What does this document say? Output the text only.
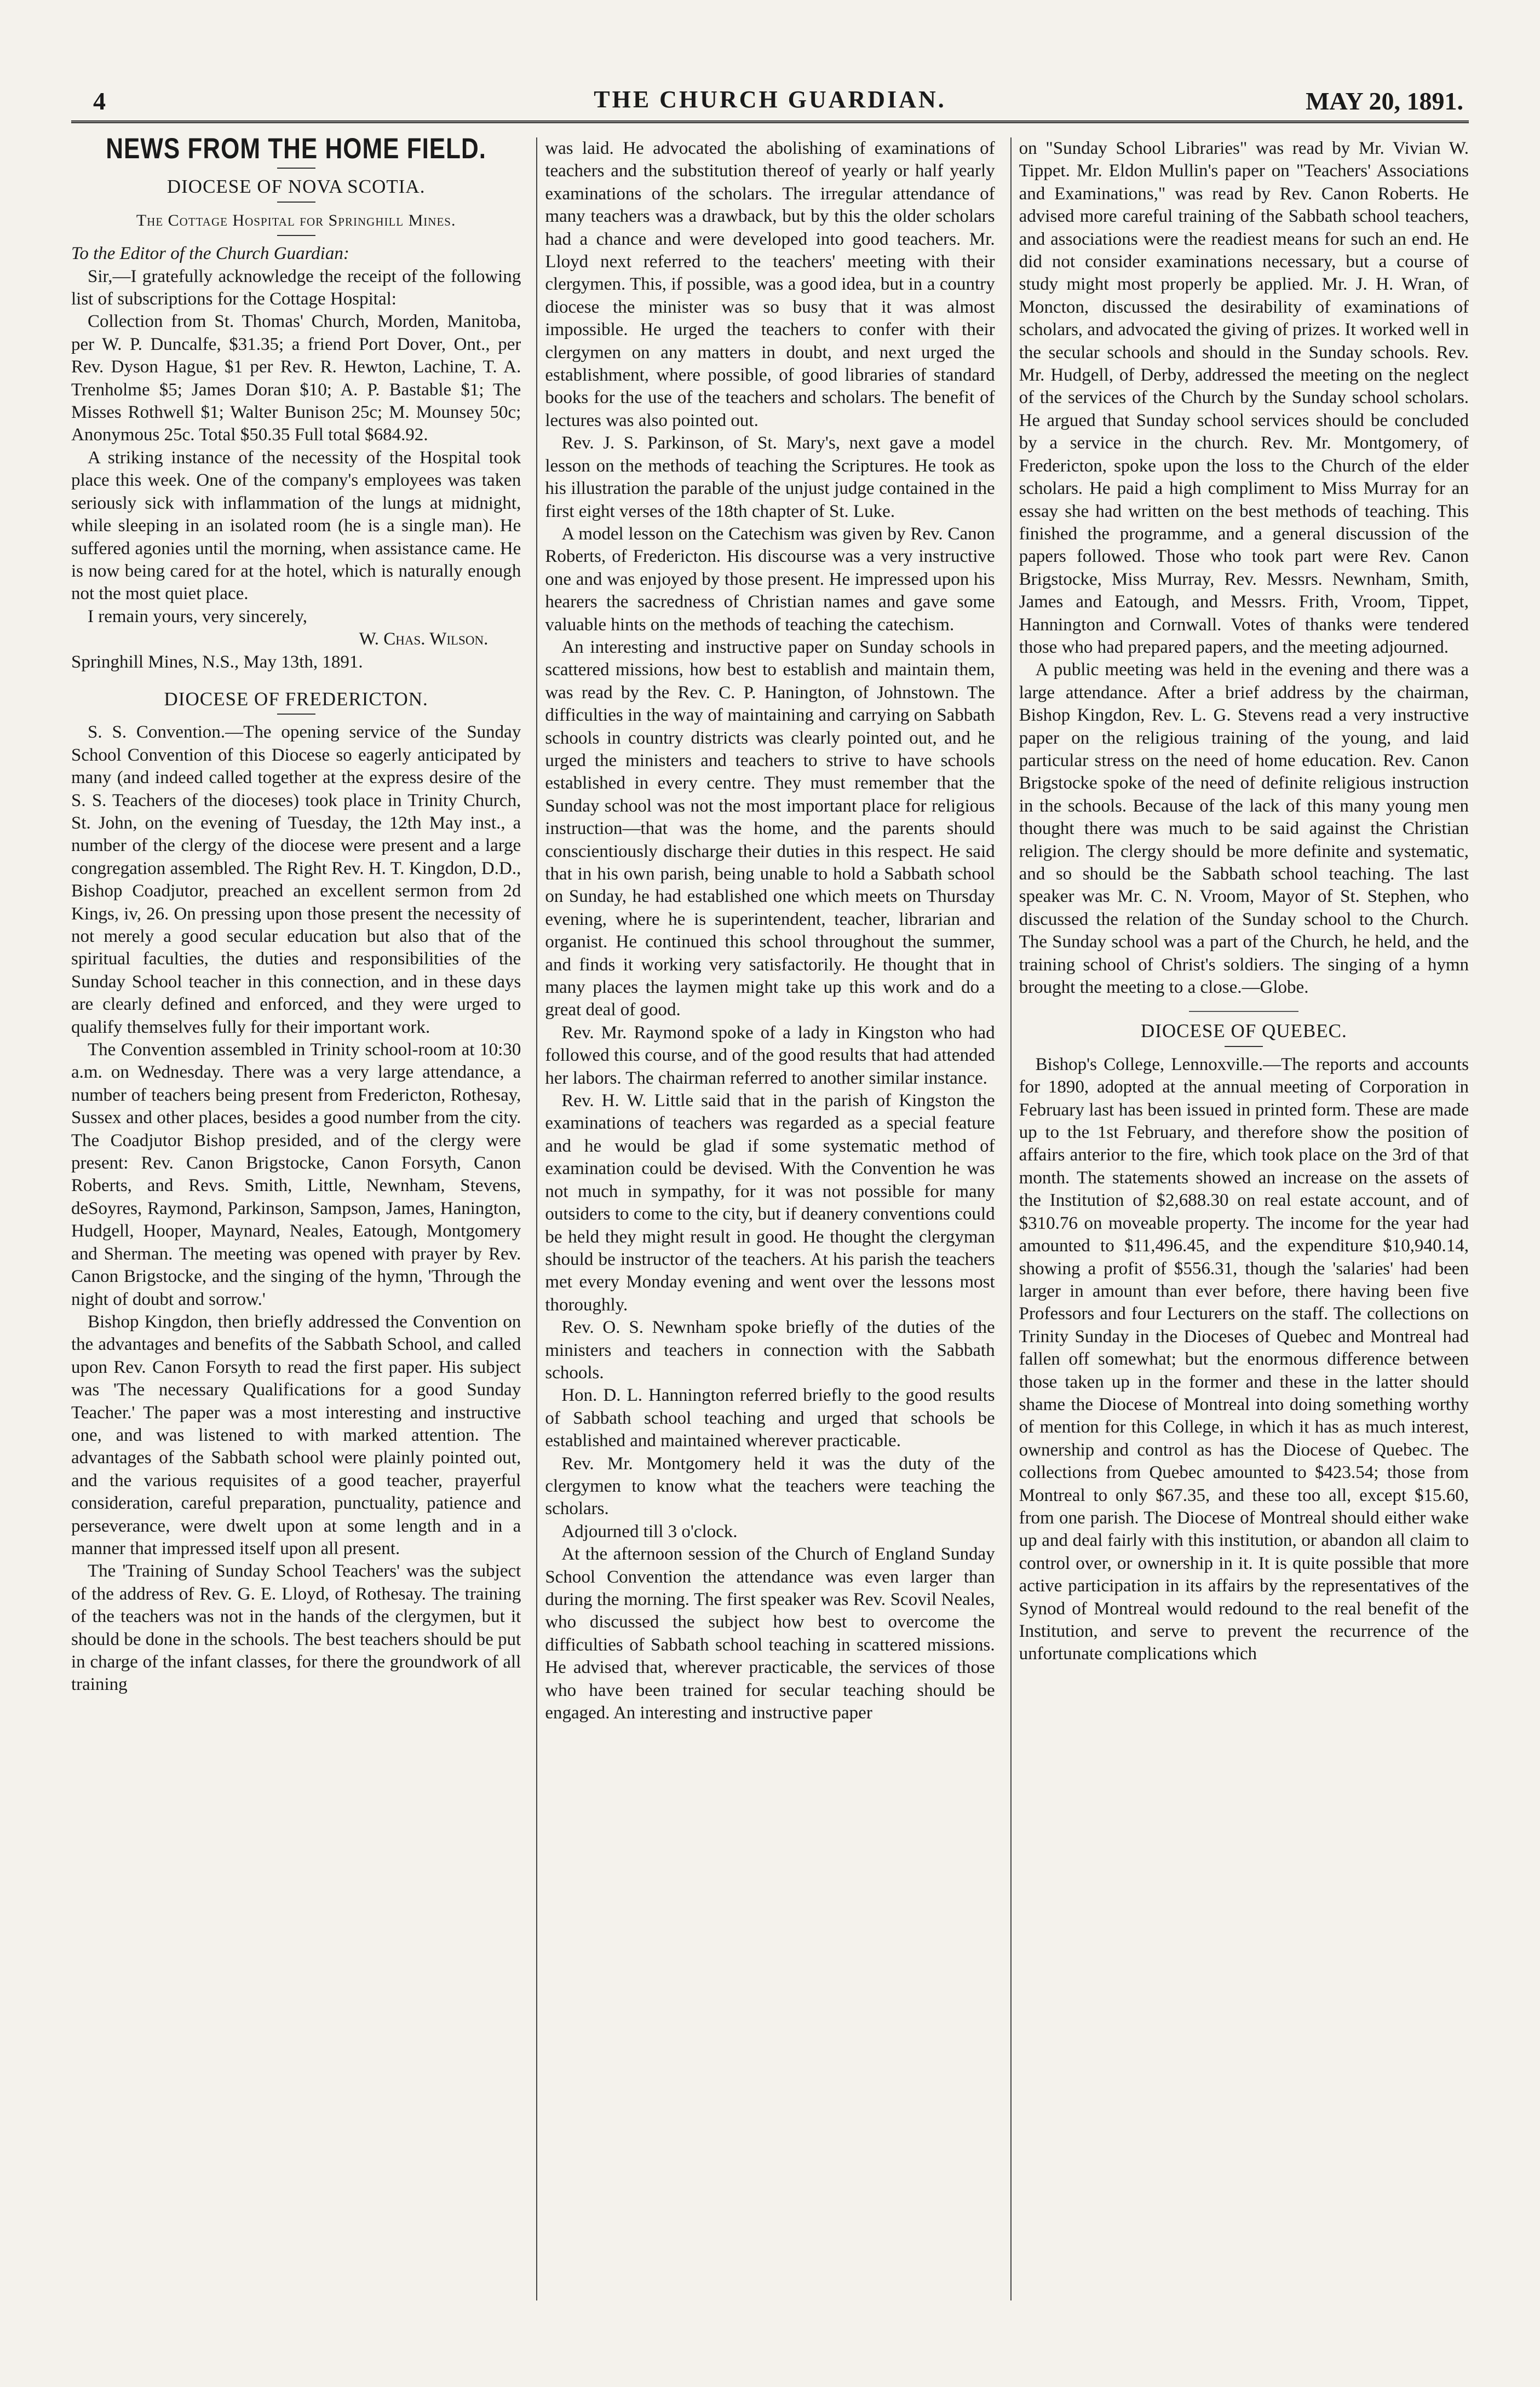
4	THE CHURCH GUARDIAN.	MAY 20, 1891.
NEWS FROM THE HOME FIELD.
DIOCESE OF NOVA SCOTIA.
The Cottage Hospital for Springhill Mines.

To the Editor of the Church Guardian:

Sir,—I gratefully acknowledge the receipt of the following list of subscriptions for the Cottage Hospital:

Collection from St. Thomas' Church, Morden, Manitoba, per W. P. Duncalfe, $31.35; a friend Port Dover, Ont., per Rev. Dyson Hague, $1 per Rev. R. Hewton, Lachine, T. A. Trenholme $5; James Doran $10; A. P. Bastable $1; The Misses Rothwell $1; Walter Bunison 25c; M. Mounsey 50c; Anonymous 25c. Total $50.35 Full total $684.92.

A striking instance of the necessity of the Hospital took place this week. One of the company's employees was taken seriously sick with inflammation of the lungs at midnight, while sleeping in an isolated room (he is a single man). He suffered agonies until the morning, when assistance came. He is now being cared for at the hotel, which is naturally enough not the most quiet place.

I remain yours, very sincerely,

W. Chas. Wilson.

Springhill Mines, N.S., May 13th, 1891.

DIOCESE OF FREDERICTON.

S. S. Convention.—The opening service of the Sunday School Convention of this Diocese so eagerly anticipated by many (and indeed called together at the express desire of the S. S. Teachers of the dioceses) took place in Trinity Church, St. John, on the evening of Tuesday, the 12th May inst., a number of the clergy of the diocese were present and a large congregation assembled. The Right Rev. H. T. Kingdon, D.D., Bishop Coadjutor, preached an excellent sermon from 2d Kings, iv, 26. On pressing upon those present the necessity of not merely a good secular education but also that of the spiritual faculties, the duties and responsibilities of the Sunday School teacher in this connection, and in these days are clearly defined and enforced, and they were urged to qualify themselves fully for their important work.

The Convention assembled in Trinity school-room at 10:30 a.m. on Wednesday. There was a very large attendance, a number of teachers being present from Fredericton, Rothesay, Sussex and other places, besides a good number from the city. The Coadjutor Bishop presided, and of the clergy were present: Rev. Canon Brigstocke, Canon Forsyth, Canon Roberts, and Revs. Smith, Little, Newnham, Stevens, deSoyres, Raymond, Parkinson, Sampson, James, Hanington, Hudgell, Hooper, Maynard, Neales, Eatough, Montgomery and Sherman. The meeting was opened with prayer by Rev. Canon Brigstocke, and the singing of the hymn, 'Through the night of doubt and sorrow.'

Bishop Kingdon, then briefly addressed the Convention on the advantages and benefits of the Sabbath School, and called upon Rev. Canon Forsyth to read the first paper. His subject was 'The necessary Qualifications for a good Sunday Teacher.' The paper was a most interesting and instructive one, and was listened to with marked attention. The advantages of the Sabbath school were plainly pointed out, and the various requisites of a good teacher, prayerful consideration, careful preparation, punctuality, patience and perseverance, were dwelt upon at some length and in a manner that impressed itself upon all present.

The 'Training of Sunday School Teachers' was the subject of the address of Rev. G. E. Lloyd, of Rothesay. The training of the teachers was not in the hands of the clergymen, but it should be done in the schools. The best teachers should be put in charge of the infant classes, for there the groundwork of all training

was laid. He advocated the abolishing of examinations of teachers and the substitution thereof of yearly or half yearly examinations of the scholars. The irregular attendance of many teachers was a drawback, but by this the older scholars had a chance and were developed into good teachers. Mr. Lloyd next referred to the teachers' meeting with their clergymen. This, if possible, was a good idea, but in a country diocese the minister was so busy that it was almost impossible. He urged the teachers to confer with their clergymen on any matters in doubt, and next urged the establishment, where possible, of good libraries of standard books for the use of the teachers and scholars. The benefit of lectures was also pointed out.

Rev. J. S. Parkinson, of St. Mary's, next gave a model lesson on the methods of teaching the Scriptures. He took as his illustration the parable of the unjust judge contained in the first eight verses of the 18th chapter of St. Luke.

A model lesson on the Catechism was given by Rev. Canon Roberts, of Fredericton. His discourse was a very instructive one and was enjoyed by those present. He impressed upon his hearers the sacredness of Christian names and gave some valuable hints on the methods of teaching the catechism.

An interesting and instructive paper on Sunday schools in scattered missions, how best to establish and maintain them, was read by the Rev. C. P. Hanington, of Johnstown. The difficulties in the way of maintaining and carrying on Sabbath schools in country districts was clearly pointed out, and he urged the ministers and teachers to strive to have schools established in every centre. They must remember that the Sunday school was not the most important place for religious instruction—that was the home, and the parents should conscientiously discharge their duties in this respect. He said that in his own parish, being unable to hold a Sabbath school on Sunday, he had established one which meets on Thursday evening, where he is superintendent, teacher, librarian and organist. He continued this school throughout the summer, and finds it working very satisfactorily. He thought that in many places the laymen might take up this work and do a great deal of good.

Rev. Mr. Raymond spoke of a lady in Kingston who had followed this course, and of the good results that had attended her labors. The chairman referred to another similar instance.

Rev. H. W. Little said that in the parish of Kingston the examinations of teachers was regarded as a special feature and he would be glad if some systematic method of examination could be devised. With the Convention he was not much in sympathy, for it was not possible for many outsiders to come to the city, but if deanery conventions could be held they might result in good. He thought the clergyman should be instructor of the teachers. At his parish the teachers met every Monday evening and went over the lessons most thoroughly.

Rev. O. S. Newnham spoke briefly of the duties of the ministers and teachers in connection with the Sabbath schools.

Hon. D. L. Hannington referred briefly to the good results of Sabbath school teaching and urged that schools be established and maintained wherever practicable.

Rev. Mr. Montgomery held it was the duty of the clergymen to know what the teachers were teaching the scholars.

Adjourned till 3 o'clock.

At the afternoon session of the Church of England Sunday School Convention the attendance was even larger than during the morning. The first speaker was Rev. Scovil Neales, who discussed the subject how best to overcome the difficulties of Sabbath school teaching in scattered missions. He advised that, wherever practicable, the services of those who have been trained for secular teaching should be engaged. An interesting and instructive paper

on "Sunday School Libraries" was read by Mr. Vivian W. Tippet. Mr. Eldon Mullin's paper on "Teachers' Associations and Examinations," was read by Rev. Canon Roberts. He advised more careful training of the Sabbath school teachers, and associations were the readiest means for such an end. He did not consider examinations necessary, but a course of study might most properly be applied. Mr. J. H. Wran, of Moncton, discussed the desirability of examinations of scholars, and advocated the giving of prizes. It worked well in the secular schools and should in the Sunday schools. Rev. Mr. Hudgell, of Derby, addressed the meeting on the neglect of the services of the Church by the Sunday school scholars. He argued that Sunday school services should be concluded by a service in the church. Rev. Mr. Montgomery, of Fredericton, spoke upon the loss to the Church of the elder scholars. He paid a high compliment to Miss Murray for an essay she had written on the best methods of teaching. This finished the programme, and a general discussion of the papers followed. Those who took part were Rev. Canon Brigstocke, Miss Murray, Rev. Messrs. Newnham, Smith, James and Eatough, and Messrs. Frith, Vroom, Tippet, Hannington and Cornwall. Votes of thanks were tendered those who had prepared papers, and the meeting adjourned.

A public meeting was held in the evening and there was a large attendance. After a brief address by the chairman, Bishop Kingdon, Rev. L. G. Stevens read a very instructive paper on the religious training of the young, and laid particular stress on the need of home education. Rev. Canon Brigstocke spoke of the need of definite religious instruction in the schools. Because of the lack of this many young men thought there was much to be said against the Christian religion. The clergy should be more definite and systematic, and so should be the Sabbath school teaching. The last speaker was Mr. C. N. Vroom, Mayor of St. Stephen, who discussed the relation of the Sunday school to the Church. The Sunday school was a part of the Church, he held, and the training school of Christ's soldiers. The singing of a hymn brought the meeting to a close.—Globe.

DIOCESE OF QUEBEC.

Bishop's College, Lennoxville.—The reports and accounts for 1890, adopted at the annual meeting of Corporation in February last has been issued in printed form. These are made up to the 1st February, and therefore show the position of affairs anterior to the fire, which took place on the 3rd of that month. The statements showed an increase on the assets of the Institution of $2,688.30 on real estate account, and of $310.76 on moveable property. The income for the year had amounted to $11,496.45, and the expenditure $10,940.14, showing a profit of $556.31, though the 'salaries' had been larger in amount than ever before, there having been five Professors and four Lecturers on the staff. The collections on Trinity Sunday in the Dioceses of Quebec and Montreal had fallen off somewhat; but the enormous difference between those taken up in the former and these in the latter should shame the Diocese of Montreal into doing something worthy of mention for this College, in which it has as much interest, ownership and control as has the Diocese of Quebec. The collections from Quebec amounted to $423.54; those from Montreal to only $67.35, and these too all, except $15.60, from one parish. The Diocese of Montreal should either wake up and deal fairly with this institution, or abandon all claim to control over, or ownership in it. It is quite possible that more active participation in its affairs by the representatives of the Synod of Montreal would redound to the real benefit of the Institution, and serve to prevent the recurrence of the unfortunate complications which
